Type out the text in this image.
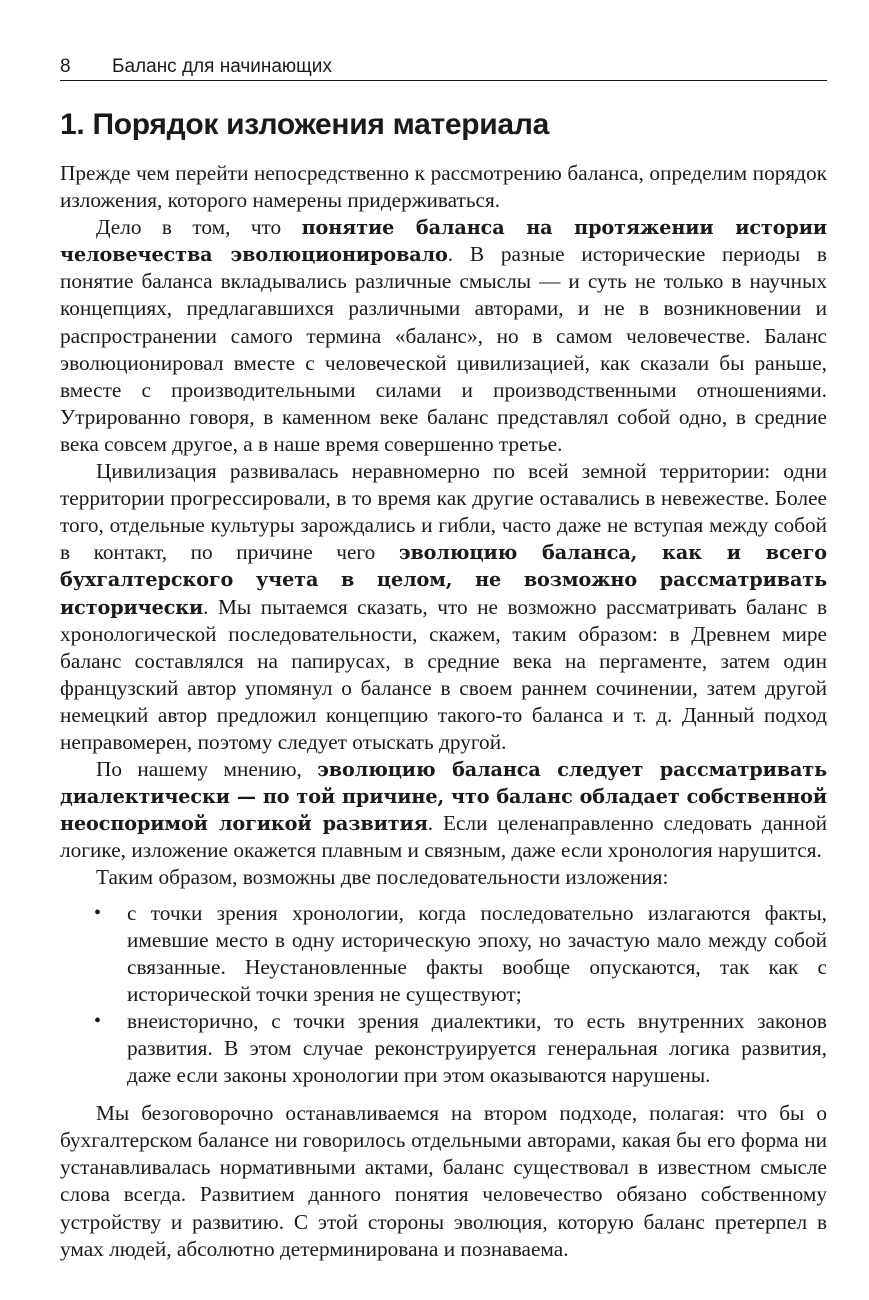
8	Баланс для начинающих
1. Порядок изложения материала

Прежде чем перейти непосредственно к рассмотрению баланса, определим порядок изложения, которого намерены придерживаться.

Дело в том, что понятие баланса на протяжении истории человечества эволюционировало. В разные исторические периоды в понятие баланса вкладывались различные смыслы — и суть не только в научных концепциях, предлагавшихся различными авторами, и не в возникновении и распространении самого термина «баланс», но в самом человечестве. Баланс эволюционировал вместе с человеческой цивилизацией, как сказали бы раньше, вместе с производительными силами и производственными отношениями. Утрированно говоря, в каменном веке баланс представлял собой одно, в средние века совсем другое, а в наше время совершенно третье.

Цивилизация развивалась неравномерно по всей земной территории: одни территории прогрессировали, в то время как другие оставались в невежестве. Более того, отдельные культуры зарождались и гибли, часто даже не вступая между собой в контакт, по причине чего эволюцию баланса, как и всего бухгалтерского учета в целом, не возможно рассматривать исторически. Мы пытаемся сказать, что не возможно рассматривать баланс в хронологической последовательности, скажем, таким образом: в Древнем мире баланс составлялся на папирусах, в средние века на пергаменте, затем один французский автор упомянул о балансе в своем раннем сочинении, затем другой немецкий автор предложил концепцию такого-то баланса и т. д. Данный подход неправомерен, поэтому следует отыскать другой.

По нашему мнению, эволюцию баланса следует рассматривать диалектически — по той причине, что баланс обладает собственной неоспоримой логикой развития. Если целенаправленно следовать данной логике, изложение окажется плавным и связным, даже если хронология нарушится.

Таким образом, возможны две последовательности изложения:

•	с точки зрения хронологии, когда последовательно излагаются факты, имевшие место в одну историческую эпоху, но зачастую мало между собой связанные. Неустановленные факты вообще опускаются, так как с исторической точки зрения не существуют;
•	внеисторично, с точки зрения диалектики, то есть внутренних законов развития. В этом случае реконструируется генеральная логика развития, даже если законы хронологии при этом оказываются нарушены.

Мы безоговорочно останавливаемся на втором подходе, полагая: что бы о бухгалтерском балансе ни говорилось отдельными авторами, какая бы его форма ни устанавливалась нормативными актами, баланс существовал в известном смысле слова всегда. Развитием данного понятия человечество обязано собственному устройству и развитию. С этой стороны эволюция, которую баланс претерпел в умах людей, абсолютно детерминирована и познаваема.
